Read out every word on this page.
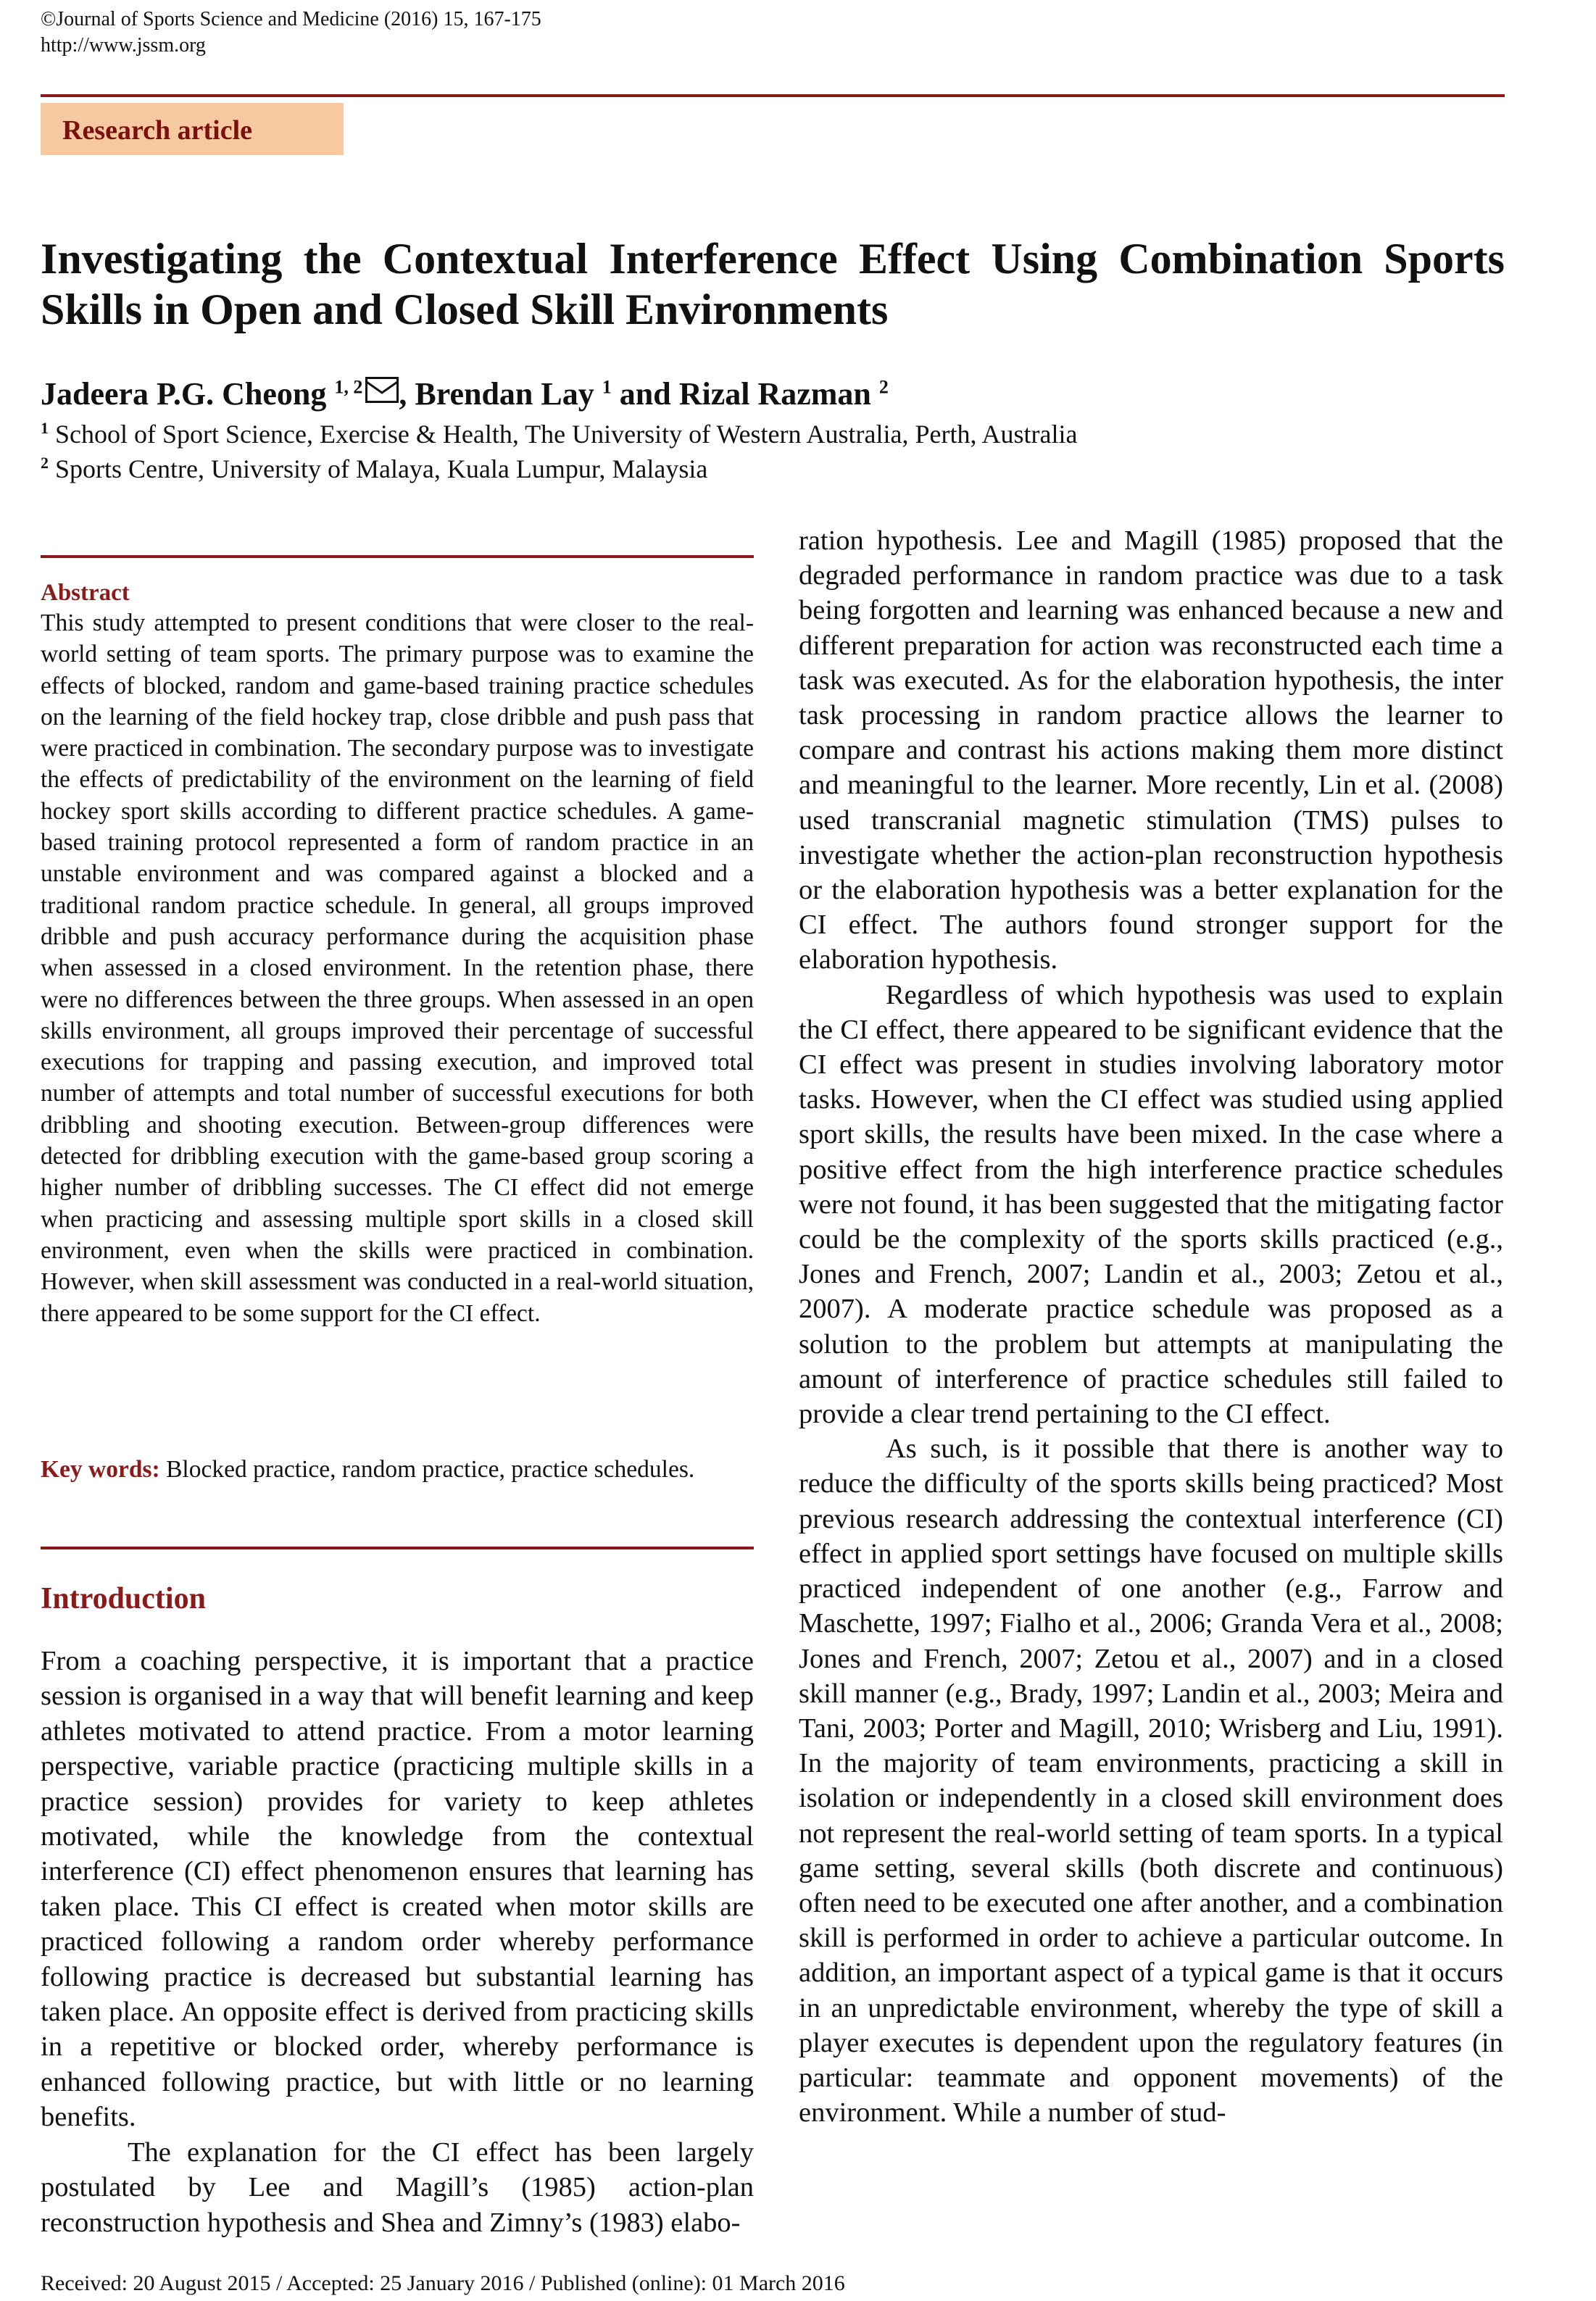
©Journal of Sports Science and Medicine (2016) 15, 167-175
http://www.jssm.org
Research article
Investigating the Contextual Interference Effect Using Combination Sports Skills in Open and Closed Skill Environments
Jadeera P.G. Cheong $^{1, 2}$ , Brendan Lay $^1$ and Rizal Razman $^2$
$^1$ School of Sport Science, Exercise & Health, The University of Western Australia, Perth, Australia
$^2$ Sports Centre, University of Malaya, Kuala Lumpur, Malaysia
Abstract
This study attempted to present conditions that were closer to the real-world setting of team sports. The primary purpose was to examine the effects of blocked, random and game-based training practice schedules on the learning of the field hockey trap, close dribble and push pass that were practiced in combination. The secondary purpose was to investigate the effects of predictability of the environment on the learning of field hockey sport skills according to different practice schedules. A game-based training protocol represented a form of random practice in an unstable environment and was compared against a blocked and a traditional random practice schedule. In general, all groups improved dribble and push accuracy performance during the acquisition phase when assessed in a closed environment. In the retention phase, there were no differences between the three groups. When assessed in an open skills environment, all groups improved their percentage of successful executions for trapping and passing execution, and improved total number of attempts and total number of successful executions for both dribbling and shooting execution. Between-group differences were detected for dribbling execution with the game-based group scoring a higher number of dribbling successes. The CI effect did not emerge when practicing and assessing multiple sport skills in a closed skill environment, even when the skills were practiced in combination. However, when skill assessment was conducted in a real-world situation, there appeared to be some support for the CI effect.
Key words: Blocked practice, random practice, practice schedules.
Introduction

From a coaching perspective, it is important that a practice session is organised in a way that will benefit learning and keep athletes motivated to attend practice. From a motor learning perspective, variable practice (practicing multiple skills in a practice session) provides for variety to keep athletes motivated, while the knowledge from the contextual interference (CI) effect phenomenon ensures that learning has taken place. This CI effect is created when motor skills are practiced following a random order whereby performance following practice is decreased but substantial learning has taken place. An opposite effect is derived from practicing skills in a repetitive or blocked order, whereby performance is enhanced following practice, but with little or no learning benefits.

The explanation for the CI effect has been largely postulated by Lee and Magill’s (1985) action-plan reconstruction hypothesis and Shea and Zimny’s (1983) elabo-

ration hypothesis. Lee and Magill (1985) proposed that the degraded performance in random practice was due to a task being forgotten and learning was enhanced because a new and different preparation for action was reconstructed each time a task was executed. As for the elaboration hypothesis, the inter task processing in random practice allows the learner to compare and contrast his actions making them more distinct and meaningful to the learner. More recently, Lin et al. (2008) used transcranial magnetic stimulation (TMS) pulses to investigate whether the action-plan reconstruction hypothesis or the elaboration hypothesis was a better explanation for the CI effect. The authors found stronger support for the elaboration hypothesis.

Regardless of which hypothesis was used to explain the CI effect, there appeared to be significant evidence that the CI effect was present in studies involving laboratory motor tasks. However, when the CI effect was studied using applied sport skills, the results have been mixed. In the case where a positive effect from the high interference practice schedules were not found, it has been suggested that the mitigating factor could be the complexity of the sports skills practiced (e.g., Jones and French, 2007; Landin et al., 2003; Zetou et al., 2007). A moderate practice schedule was proposed as a solution to the problem but attempts at manipulating the amount of interference of practice schedules still failed to provide a clear trend pertaining to the CI effect.

As such, is it possible that there is another way to reduce the difficulty of the sports skills being practiced? Most previous research addressing the contextual interference (CI) effect in applied sport settings have focused on multiple skills practiced independent of one another (e.g., Farrow and Maschette, 1997; Fialho et al., 2006; Granda Vera et al., 2008; Jones and French, 2007; Zetou et al., 2007) and in a closed skill manner (e.g., Brady, 1997; Landin et al., 2003; Meira and Tani, 2003; Porter and Magill, 2010; Wrisberg and Liu, 1991). In the majority of team environments, practicing a skill in isolation or independently in a closed skill environment does not represent the real-world setting of team sports. In a typical game setting, several skills (both discrete and continuous) often need to be executed one after another, and a combination skill is performed in order to achieve a particular outcome. In addition, an important aspect of a typical game is that it occurs in an unpredictable environment, whereby the type of skill a player executes is dependent upon the regulatory features (in particular: teammate and opponent movements) of the environment. While a number of stud-

Received: 20 August 2015 / Accepted: 25 January 2016 / Published (online): 01 March 2016
